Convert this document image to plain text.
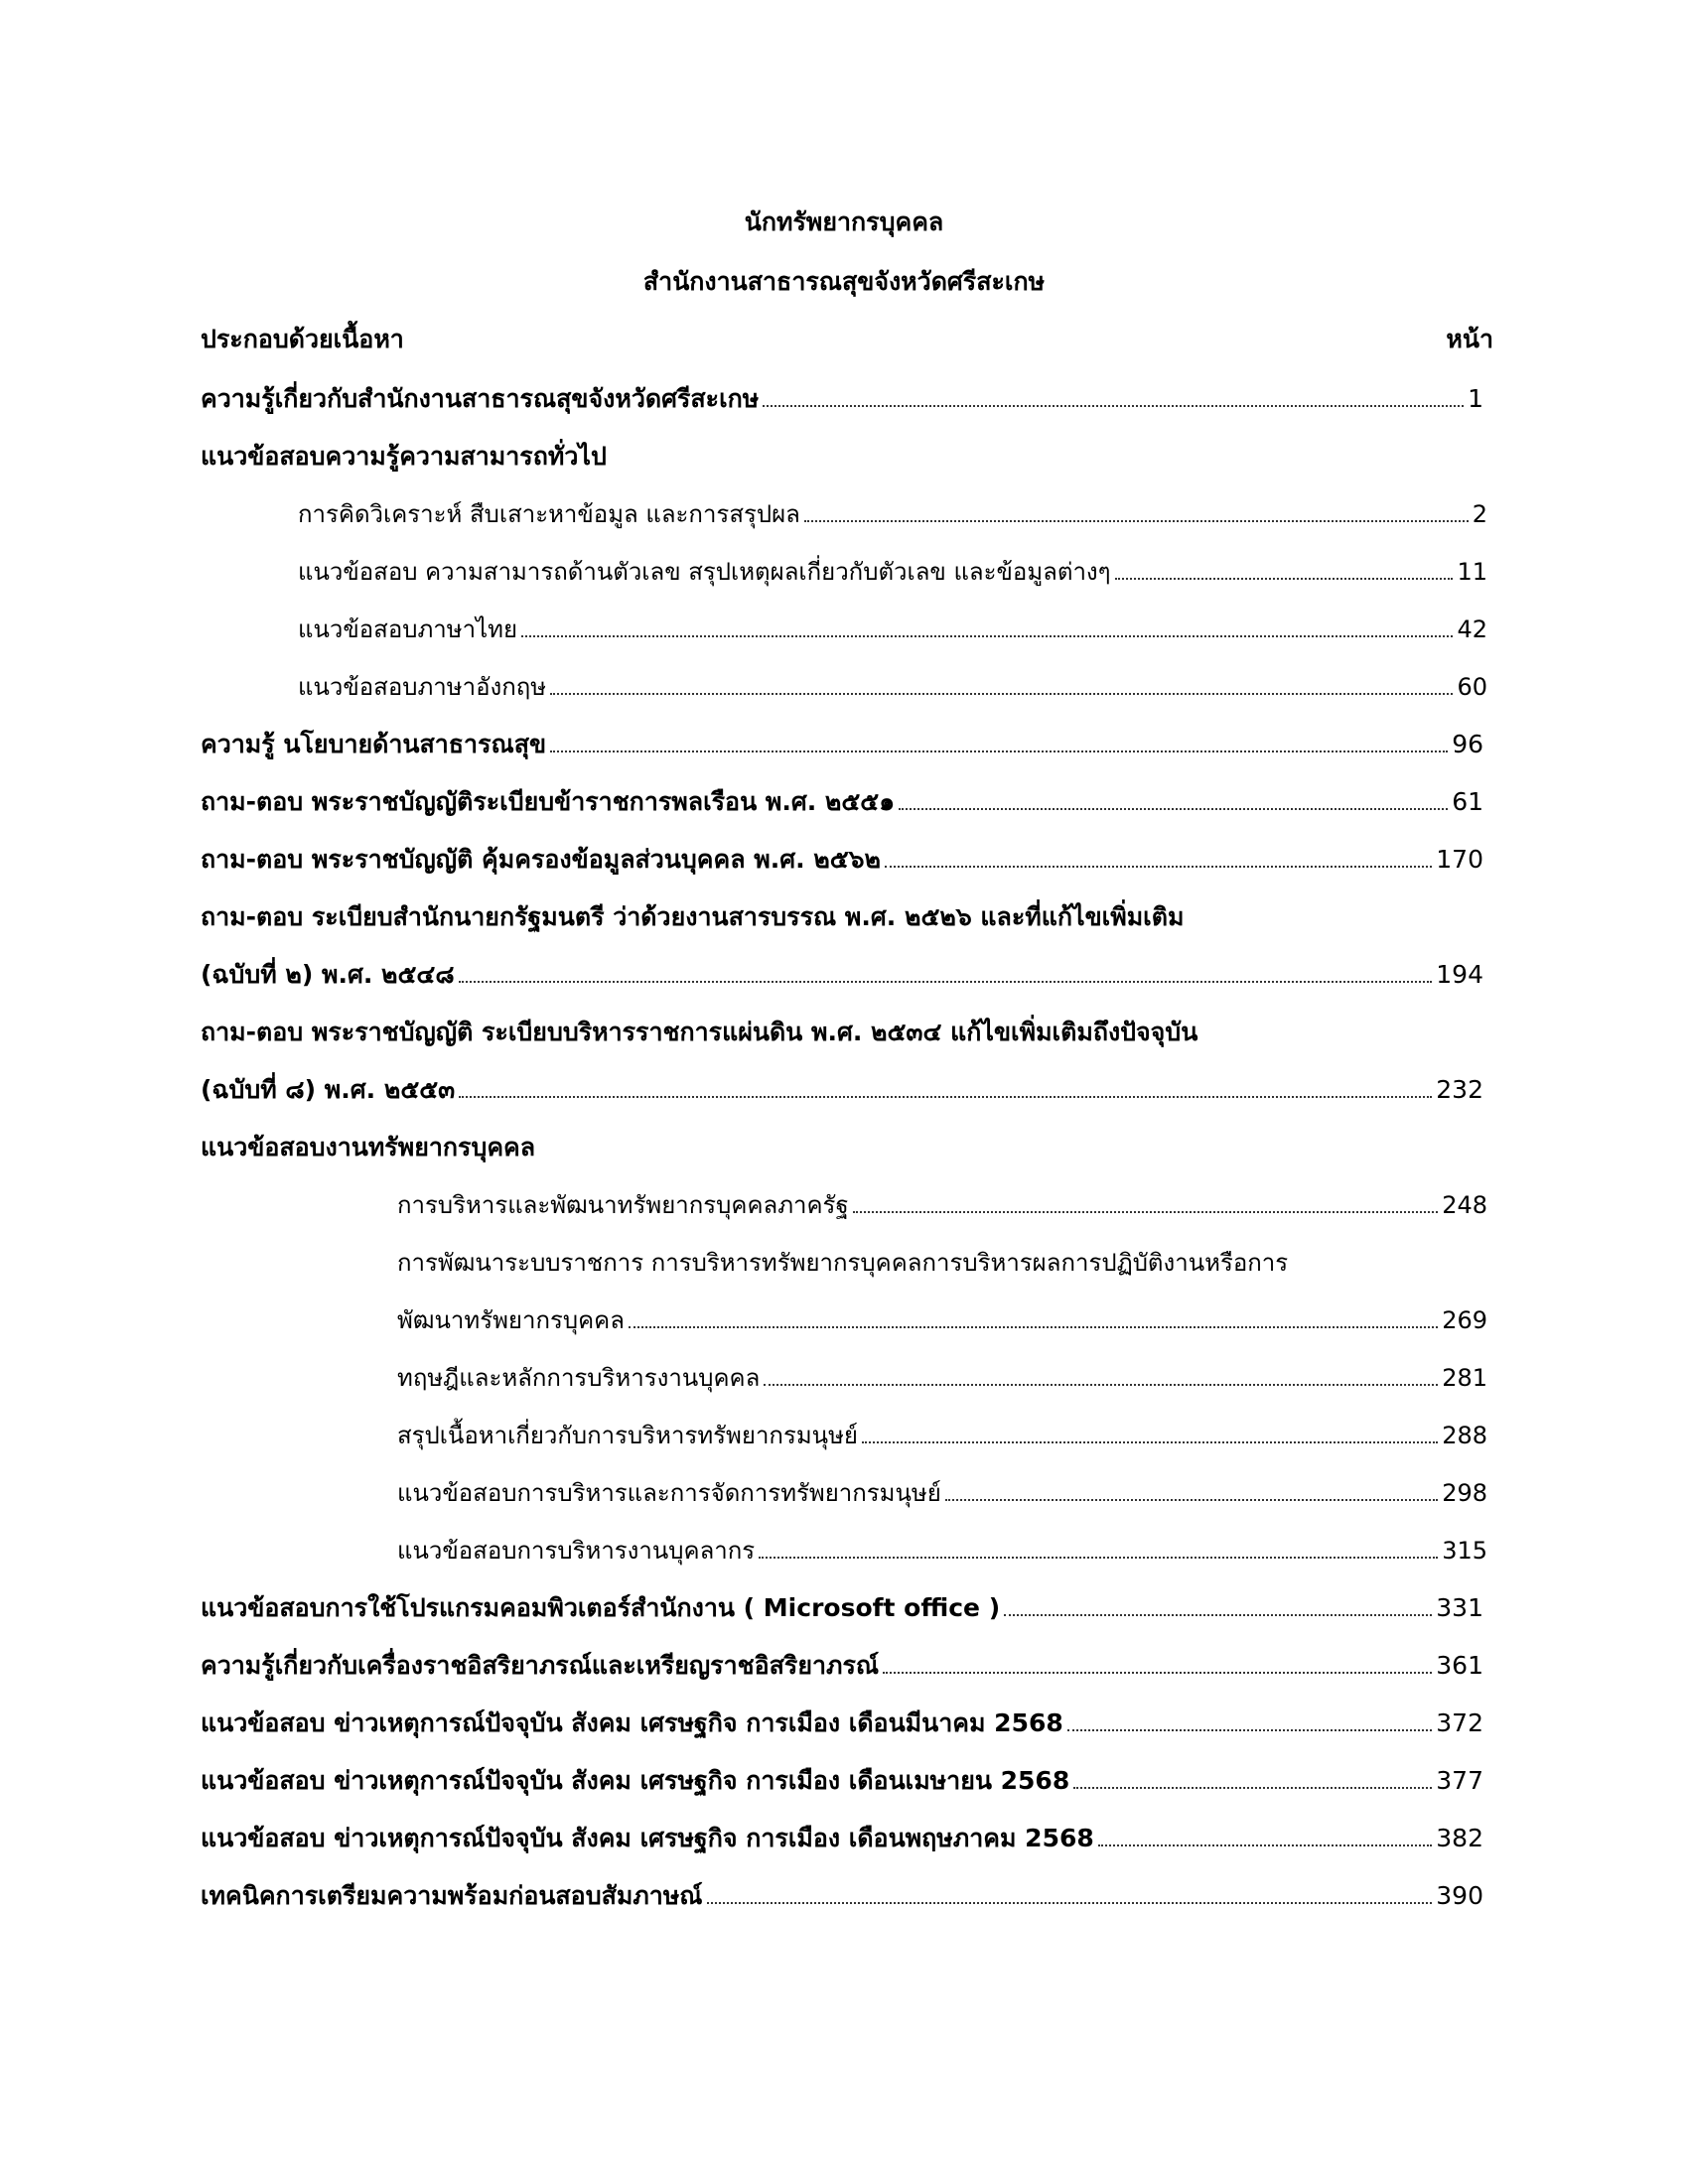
นักทรัพยากรบุคคล
สำนักงานสาธารณสุขจังหวัดศรีสะเกษ
ประกอบด้วยเนื้อหา	หน้า
ความรู้เกี่ยวกับสำนักงานสาธารณสุขจังหวัดศรีสะเกษ	1
แนวข้อสอบความรู้ความสามารถทั่วไป
การคิดวิเคราะห์ สืบเสาะหาข้อมูล และการสรุปผล	2
แนวข้อสอบ ความสามารถด้านตัวเลข สรุปเหตุผลเกี่ยวกับตัวเลข และข้อมูลต่างๆ	11
แนวข้อสอบภาษาไทย	42
แนวข้อสอบภาษาอังกฤษ	60
ความรู้ นโยบายด้านสาธารณสุข	96
ถาม-ตอบ พระราชบัญญัติระเบียบข้าราชการพลเรือน พ.ศ. ๒๕๕๑	61
ถาม-ตอบ พระราชบัญญัติ คุ้มครองข้อมูลส่วนบุคคล พ.ศ. ๒๕๖๒	170
ถาม-ตอบ ระเบียบสำนักนายกรัฐมนตรี ว่าด้วยงานสารบรรณ พ.ศ. ๒๕๒๖ และที่แก้ไขเพิ่มเติม
(ฉบับที่ ๒) พ.ศ. ๒๕๔๘	194
ถาม-ตอบ พระราชบัญญัติ ระเบียบบริหารราชการแผ่นดิน พ.ศ. ๒๕๓๔ แก้ไขเพิ่มเติมถึงปัจจุบัน
(ฉบับที่ ๘) พ.ศ. ๒๕๕๓	232
แนวข้อสอบงานทรัพยากรบุคคล
การบริหารและพัฒนาทรัพยากรบุคคลภาครัฐ	248
การพัฒนาระบบราชการ การบริหารทรัพยากรบุคคลการบริหารผลการปฏิบัติงานหรือการ
พัฒนาทรัพยากรบุคคล	269
ทฤษฎีและหลักการบริหารงานบุคคล	281
สรุปเนื้อหาเกี่ยวกับการบริหารทรัพยากรมนุษย์	288
แนวข้อสอบการบริหารและการจัดการทรัพยากรมนุษย์	298
แนวข้อสอบการบริหารงานบุคลากร	315
แนวข้อสอบการใช้โปรแกรมคอมพิวเตอร์สำนักงาน ( Microsoft office )	331
ความรู้เกี่ยวกับเครื่องราชอิสริยาภรณ์และเหรียญราชอิสริยาภรณ์	361
แนวข้อสอบ ข่าวเหตุการณ์ปัจจุบัน สังคม เศรษฐกิจ การเมือง เดือนมีนาคม 2568	372
แนวข้อสอบ ข่าวเหตุการณ์ปัจจุบัน สังคม เศรษฐกิจ การเมือง เดือนเมษายน 2568	377
แนวข้อสอบ ข่าวเหตุการณ์ปัจจุบัน สังคม เศรษฐกิจ การเมือง เดือนพฤษภาคม 2568	382
เทคนิคการเตรียมความพร้อมก่อนสอบสัมภาษณ์	390
